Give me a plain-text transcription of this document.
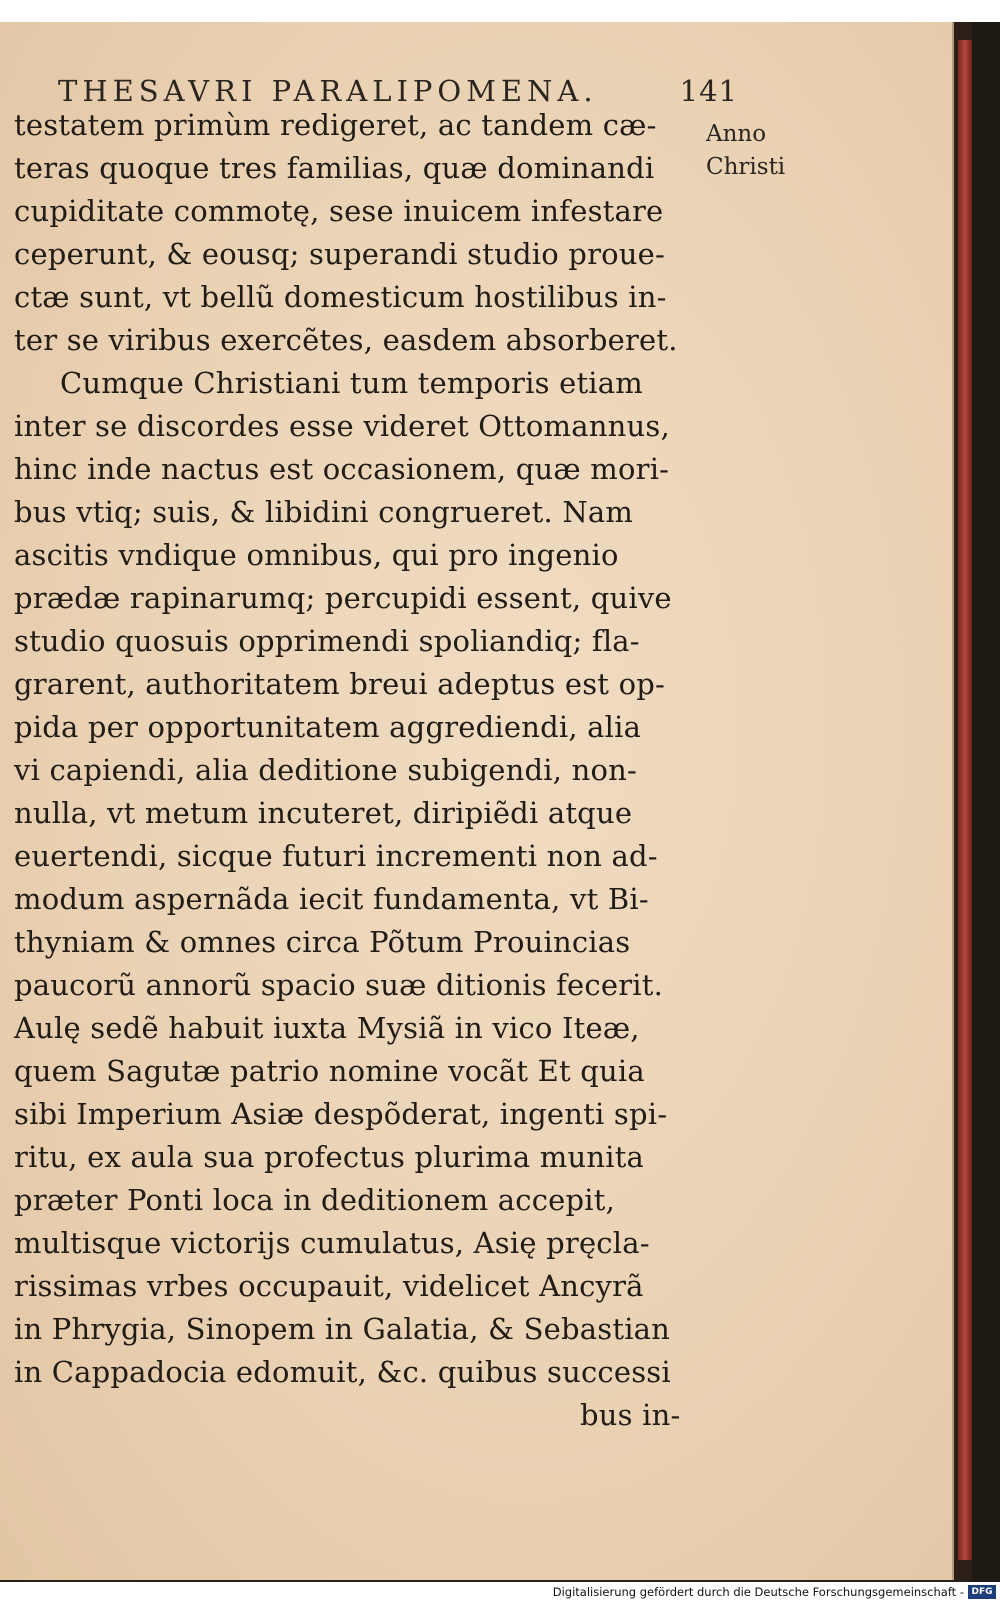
THESAVRI PARALIPOMENA.	141
Anno
Christi
testatem primùm redigeret, ac tandem cæ-
teras quoque tres familias, quæ dominandi
cupiditate commotę, sese inuicem infestare
ceperunt, & eousq; superandi studio proue-
ctæ sunt, vt bellũ domesticum hostilibus in-
ter se viribus exercẽtes, easdem absorberet.
Cumque Christiani tum temporis etiam
inter se discordes esse videret Ottomannus,
hinc inde nactus est occasionem, quæ mori-
bus vtiq; suis, & libidini congrueret. Nam
ascitis vndique omnibus, qui pro ingenio
prædæ rapinarumq; percupidi essent, quive
studio quosuis opprimendi spoliandiq; fla-
grarent, authoritatem breui adeptus est op-
pida per opportunitatem aggrediendi, alia
vi capiendi, alia deditione subigendi, non-
nulla, vt metum incuteret, diripiẽdi atque
euertendi, sicque futuri incrementi non ad-
modum aspernãda iecit fundamenta, vt Bi-
thyniam & omnes circa Põtum Prouincias
paucorũ annorũ spacio suæ ditionis fecerit.
Aulę sedẽ habuit iuxta Mysiã in vico Iteæ,
quem Sagutæ patrio nomine vocãt Et quia
sibi Imperium Asiæ despõderat, ingenti spi-
ritu, ex aula sua profectus plurima munita
præter Ponti loca in deditionem accepit,
multisque victorijs cumulatus, Asię pręcla-
rissimas vrbes occupauit, videlicet Ancyrã
in Phrygia, Sinopem in Galatia, & Sebastian
in Cappadocia edomuit, &c. quibus successi
bus in-
Digitalisierung gefördert durch die Deutsche Forschungsgemeinschaft - DFG
